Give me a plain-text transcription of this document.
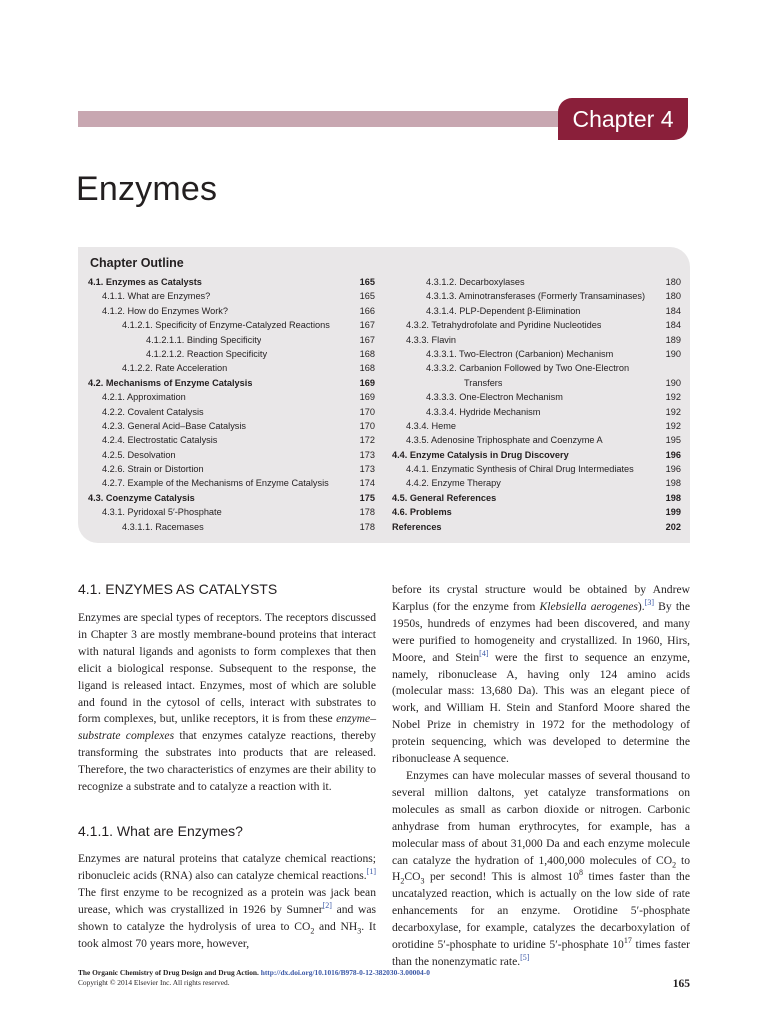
Chapter 4
Enzymes
Chapter Outline
4.1. Enzymes as Catalysts	165
4.1.1. What are Enzymes?	165
4.1.2. How do Enzymes Work?	166
4.1.2.1. Specificity of Enzyme-Catalyzed Reactions	167
4.1.2.1.1. Binding Specificity	167
4.1.2.1.2. Reaction Specificity	168
4.1.2.2. Rate Acceleration	168
4.2. Mechanisms of Enzyme Catalysis	169
4.2.1. Approximation	169
4.2.2. Covalent Catalysis	170
4.2.3. General Acid–Base Catalysis	170
4.2.4. Electrostatic Catalysis	172
4.2.5. Desolvation	173
4.2.6. Strain or Distortion	173
4.2.7. Example of the Mechanisms of Enzyme Catalysis	174
4.3. Coenzyme Catalysis	175
4.3.1. Pyridoxal 5′-Phosphate	178
4.3.1.1. Racemases	178
4.3.1.2. Decarboxylases	180
4.3.1.3. Aminotransferases (Formerly Transaminases) 180
4.3.1.4. PLP-Dependent β-Elimination	184
4.3.2. Tetrahydrofolate and Pyridine Nucleotides	184
4.3.3. Flavin	189
4.3.3.1. Two-Electron (Carbanion) Mechanism	190
4.3.3.2. Carbanion Followed by Two One-Electron
Transfers	190
4.3.3.3. One-Electron Mechanism	192
4.3.3.4. Hydride Mechanism	192
4.3.4. Heme	192
4.3.5. Adenosine Triphosphate and Coenzyme A	195
4.4. Enzyme Catalysis in Drug Discovery	196
4.4.1. Enzymatic Synthesis of Chiral Drug Intermediates	196
4.4.2. Enzyme Therapy	198
4.5. General References	198
4.6. Problems	199
References	202
4.1. ENZYMES AS CATALYSTS

Enzymes are special types of receptors. The receptors discussed in Chapter 3 are mostly membrane-bound proteins that interact with natural ligands and agonists to form complexes that then elicit a biological response. Subsequent to the response, the ligand is released intact. Enzymes, most of which are soluble and found in the cytosol of cells, interact with substrates to form complexes, but, unlike receptors, it is from these enzyme–substrate complexes that enzymes catalyze reactions, thereby transforming the substrates into products that are released. Therefore, the two characteristics of enzymes are their ability to recognize a substrate and to catalyze a reaction with it.

4.1.1. What are Enzymes?

Enzymes are natural proteins that catalyze chemical reactions; ribonucleic acids (RNA) also can catalyze chemical reactions.[1] The first enzyme to be recognized as a protein was jack bean urease, which was crystallized in 1926 by Sumner[2] and was shown to catalyze the hydrolysis of urea to $CO_2$ and $NH_3$. It took almost 70 years more, however,

before its crystal structure would be obtained by Andrew Karplus (for the enzyme from Klebsiella aerogenes).[3] By the 1950s, hundreds of enzymes had been discovered, and many were purified to homogeneity and crystallized. In 1960, Hirs, Moore, and Stein[4] were the first to sequence an enzyme, namely, ribonuclease A, having only 124 amino acids (molecular mass: 13,680 Da). This was an elegant piece of work, and William H. Stein and Stanford Moore shared the Nobel Prize in chemistry in 1972 for the methodology of protein sequencing, which was developed to determine the ribonuclease A sequence.

Enzymes can have molecular masses of several thousand to several million daltons, yet catalyze transformations on molecules as small as carbon dioxide or nitrogen. Carbonic anhydrase from human erythrocytes, for example, has a molecular mass of about 31,000 Da and each enzyme molecule can catalyze the hydration of 1,400,000 molecules of $CO_2$ to $H_2CO_3$ per second! This is almost $10^8$ times faster than the uncatalyzed reaction, which is actually on the low side of rate enhancements for an enzyme. Orotidine 5′-phosphate decarboxylase, for example, catalyzes the decarboxylation of orotidine 5′-phosphate to uridine 5′-phosphate $10^{17}$ times faster than the nonenzymatic rate.[5]

The Organic Chemistry of Drug Design and Drug Action. http://dx.doi.org/10.1016/B978-0-12-382030-3.00004-0
Copyright © 2014 Elsevier Inc. All rights reserved.	165
